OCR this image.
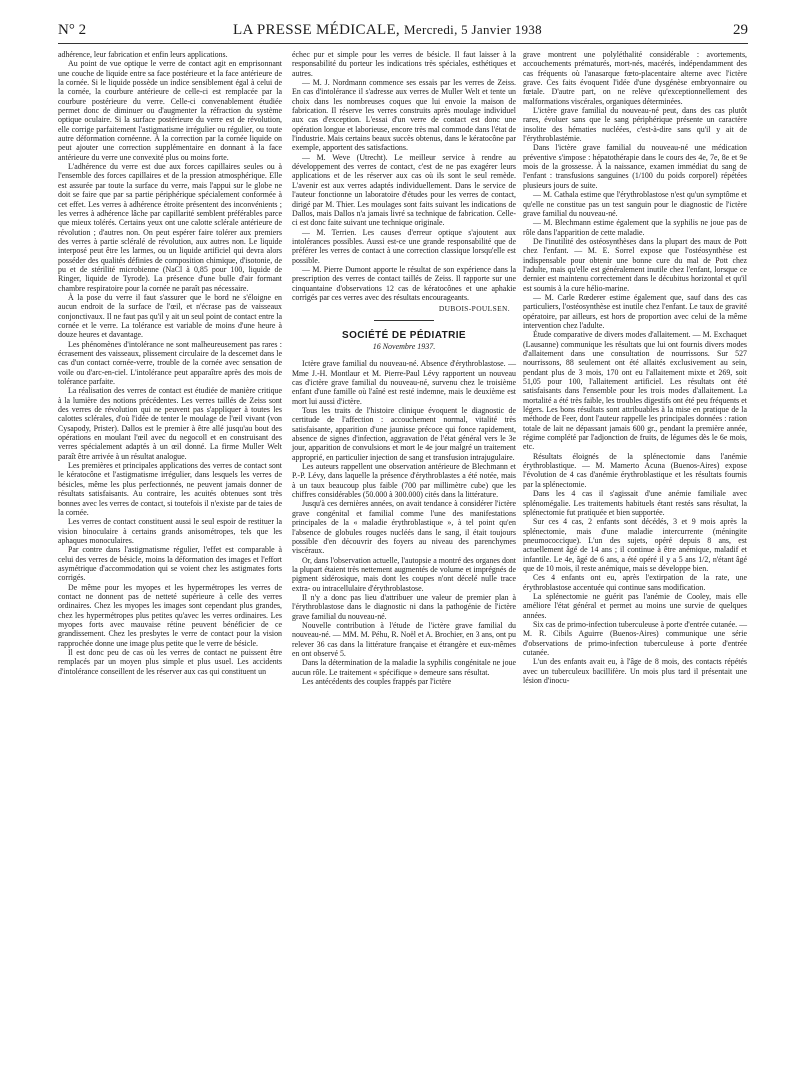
N° 2	LA PRESSE MÉDICALE, Mercredi, 5 Janvier 1938	29

adhérence, leur fabrication et enfin leurs applications.

Au point de vue optique le verre de contact agit en emprisonnant une couche de liquide entre sa face postérieure et la face antérieure de la cornée. Si le liquide possède un indice sensiblement égal à celui de la cornée, la courbure antérieure de celle-ci est remplacée par la courbure postérieure du verre. Celle-ci convenablement étudiée permet donc de diminuer ou d'augmenter la réfraction du système optique oculaire. Si la surface postérieure du verre est de révolution, elle corrige parfaitement l'astigmatisme irrégulier ou régulier, ou toute autre déformation cornéenne. À la correction par la cornée liquide on peut ajouter une correction supplémentaire en donnant à la face antérieure du verre une convexité plus ou moins forte.

L'adhérence du verre est due aux forces capillaires seules ou à l'ensemble des forces capillaires et de la pression atmosphérique. Elle est assurée par toute la surface du verre, mais l'appui sur le globe ne doit se faire que par sa partie périphérique spécialement conformée à cet effet. Les verres à adhérence étroite présentent des inconvénients ; les verres à adhérence lâche par capillarité semblent préférables parce que mieux tolérés. Certains yeux ont une calotte sclérale antérieure de révolution ; d'autres non. On peut espérer faire tolérer aux premiers des verres à partie scléralé de révolution, aux autres non. Le liquide interposé peut être les larmes, ou un liquide artificiel qui devra alors posséder des qualités définies de composition chimique, d'isotonie, de pu et de stérilité microbienne (NaCl à 0,85 pour 100, liquide de Ringer, liquide de Tyrode). La présence d'une bulle d'air formant chambre respiratoire pour la cornée ne paraît pas nécessaire.

À la pose du verre il faut s'assurer que le bord ne s'éloigne en aucun endroit de la surface de l'œil, et n'écrase pas de vaisseaux conjonctivaux. Il ne faut pas qu'il y ait un seul point de contact entre la cornée et le verre. La tolérance est variable de moins d'une heure à douze heures et davantage.

Les phénomènes d'intolérance ne sont malheureusement pas rares : écrasement des vaisseaux, plissement circulaire de la descemet dans le cas d'un contact cornée-verre, trouble de la cornée avec sensation de voile ou d'arc-en-ciel. L'intolérance peut apparaître après des mois de tolérance parfaite.

La réalisation des verres de contact est étudiée de manière critique à la lumière des notions précédentes. Les verres taillés de Zeiss sont des verres de révolution qui ne peuvent pas s'appliquer à toutes les calottes sclérales, d'où l'idée de tenter le moulage de l'œil vivant (von Cysapody, Prister). Dallos est le premier à être allé jusqu'au bout des opérations en moulant l'œil avec du negocoll et en construisant des verres spécialement adaptés à un œil donné. La firme Muller Welt paraît être arrivée à un résultat analogue.

Les premières et principales applications des verres de contact sont le kératocône et l'astigmatisme irrégulier, dans lesquels les verres de bésicles, même les plus perfectionnés, ne peuvent jamais donner de résultats satisfaisants. Au contraire, les acuités obtenues sont très bonnes avec les verres de contact, si toutefois il n'existe par de taies de la cornée.

Les verres de contact constituent aussi le seul espoir de restituer la vision binoculaire à certains grands anisométropes, tels que les aphaques monoculaires.

Par contre dans l'astigmatisme régulier, l'effet est comparable à celui des verres de bésicle, moins la déformation des images et l'effort asymétrique d'accommodation qui se voient chez les astigmates forts corrigés.

De même pour les myopes et les hypermétropes les verres de contact ne donnent pas de netteté supérieure à celle des verres ordinaires. Chez les myopes les images sont cependant plus grandes, chez les hypermétropes plus petites qu'avec les verres ordinaires. Les myopes forts avec mauvaise rétine peuvent bénéficier de ce grandissement. Chez les presbytes le verre de contact pour la vision rapprochée donne une image plus petite que le verre de bésicle.

Il est donc peu de cas où les verres de contact ne puissent être remplacés par un moyen plus simple et plus usuel. Les accidents d'intolérance conseillent de les réserver aux cas qui constituent un

échec pur et simple pour les verres de bésicle. Il faut laisser à la responsabilité du porteur les indications très spéciales, esthétiques et autres.

— M. J. Nordmann commence ses essais par les verres de Zeiss. En cas d'intolérance il s'adresse aux verres de Muller Welt et tente un choix dans les nombreuses coques que lui envoie la maison de fabrication. Il réserve les verres construits après moulage individuel aux cas d'exception. L'essai d'un verre de contact est donc une opération longue et laborieuse, encore très mal commode dans l'état de l'industrie. Mais certains beaux succès obtenus, dans le kératocône par exemple, apportent des satisfactions.

— M. Weve (Utrecht). Le meilleur service à rendre au développement des verres de contact, c'est de ne pas exagérer leurs applications et de les réserver aux cas où ils sont le seul remède. L'avenir est aux verres adaptés individuellement. Dans le service de l'auteur fonctionne un laboratoire d'études pour les verres de contact, dirigé par M. Thier. Les moulages sont faits suivant les indications de Dallos, mais Dallos n'a jamais livré sa technique de fabrication. Celle-ci est donc faite suivant une technique originale.

— M. Terrien. Les causes d'erreur optique s'ajoutent aux intolérances possibles. Aussi est-ce une grande responsabilité que de préférer les verres de contact à une correction classique lorsqu'elle est possible.

— M. Pierre Dumont apporte le résultat de son expérience dans la prescription des verres de contact taillés de Zeiss. Il rapporte sur une cinquantaine d'observations 12 cas de kératocônes et une aphakie corrigés par ces verres avec des résultats encourageants.

DUBOIS-POULSEN.
SOCIÉTÉ DE PÉDIATRIE
16 Novembre 1937.

Ictère grave familial du nouveau-né. Absence d'érythroblastose. — Mme J.-H. Montlaur et M. Pierre-Paul Lévy rapportent un nouveau cas d'ictère grave familial du nouveau-né, survenu chez le troisième enfant d'une famille où l'aîné est resté indemne, mais le deuxième est mort lui aussi d'ictère.

Tous les traits de l'histoire clinique évoquent le diagnostic de certitude de l'affection : accouchement normal, vitalité très satisfaisante, apparition d'une jaunisse précoce qui fonce rapidement, absence de signes d'infection, aggravation de l'état général vers le 3e jour, apparition de convulsions et mort le 4e jour malgré un traitement approprié, en particulier injection de sang et transfusion intrajugulaire.

Les auteurs rappellent une observation antérieure de Blechmann et P.-P. Lévy, dans laquelle la présence d'érythroblastes a été notée, mais à un taux beaucoup plus faible (700 par millimètre cube) que les chiffres considérables (50.000 à 300.000) cités dans la littérature.

Jusqu'à ces dernières années, on avait tendance à considérer l'ictère grave congénital et familial comme l'une des manifestations principales de la « maladie érythroblastique », à tel point qu'en l'absence de globules rouges nucléés dans le sang, il était toujours possible d'en découvrir des foyers au niveau des parenchymes viscéraux.

Or, dans l'observation actuelle, l'autopsie a montré des organes dont la plupart étaient très nettement augmentés de volume et imprégnés de pigment sidérosique, mais dont les coupes n'ont décelé nulle trace extra- ou intracellulaire d'érythroblastose.

Il n'y a donc pas lieu d'attribuer une valeur de premier plan à l'érythroblastose dans le diagnostic ni dans la pathogénie de l'ictère grave familial du nouveau-né.

Nouvelle contribution à l'étude de l'ictère grave familial du nouveau-né. — MM. M. Péhu, R. Noël et A. Brochier, en 3 ans, ont pu relever 36 cas dans la littérature française et étrangère et eux-mêmes en ont observé 5.

Dans la détermination de la maladie la syphilis congénitale ne joue aucun rôle. Le traitement « spécifique » demeure sans résultat.

Les antécédents des couples frappés par l'ictère

grave montrent une polyléthalité considérable : avortements, accouchements prématurés, mort-nés, macérés, indépendamment des cas fréquents où l'anasarque fœto-placentaire alterne avec l'ictère grave. Ces faits évoquent l'idée d'une dysgénèse embryonnaire ou fœtale. D'autre part, on ne relève qu'exceptionnellement des malformations viscérales, organiques déterminées.

L'ictère grave familial du nouveau-né peut, dans des cas plutôt rares, évoluer sans que le sang périphérique présente un caractère insolite des hématies nucléées, c'est-à-dire sans qu'il y ait de l'érythroblastémie.

Dans l'ictère grave familial du nouveau-né une médication préventive s'impose : hépatothérapie dans le cours des 4e, 7e, 8e et 9e mois de la grossesse. À la naissance, examen immédiat du sang de l'enfant : transfusions sanguines (1/100 du poids corporel) répétées plusieurs jours de suite.

— M. Cathala estime que l'érythroblastose n'est qu'un symptôme et qu'elle ne constitue pas un test sanguin pour le diagnostic de l'ictère grave familial du nouveau-né.

— M. Blechmann estime également que la syphilis ne joue pas de rôle dans l'apparition de cette maladie.

De l'inutilité des ostéosynthèses dans la plupart des maux de Pott chez l'enfant. — M. E. Sorrel expose que l'ostéosynthèse est indispensable pour obtenir une bonne cure du mal de Pott chez l'adulte, mais qu'elle est généralement inutile chez l'enfant, lorsque ce dernier est maintenu correctement dans le décubitus horizontal et qu'il est soumis à la cure hélio-marine.

— M. Carle Rœderer estime également que, sauf dans des cas particuliers, l'ostéosynthèse est inutile chez l'enfant. Le taux de gravité opératoire, par ailleurs, est hors de proportion avec celui de la même intervention chez l'adulte.

Étude comparative de divers modes d'allaitement. — M. Exchaquet (Lausanne) communique les résultats que lui ont fournis divers modes d'allaitement dans une consultation de nourrissons. Sur 527 nourrissons, 88 seulement ont été allaités exclusivement au sein, pendant plus de 3 mois, 170 ont eu l'allaitement mixte et 269, soit 51,05 pour 100, l'allaitement artificiel. Les résultats ont été satisfaisants dans l'ensemble pour les trois modes d'allaitement. La mortalité a été très faible, les troubles digestifs ont été peu fréquents et légers. Les bons résultats sont attribuables à la mise en pratique de la méthode de Feer, dont l'auteur rappelle les principales données : ration totale de lait ne dépassant jamais 600 gr., pendant la première année, régime complété par l'adjonction de fruits, de légumes dès le 6e mois, etc.

Résultats éloignés de la splénectomie dans l'anémie érythroblastique. — M. Mamerto Acuna (Buenos-Aires) expose l'évolution de 4 cas d'anémie érythroblastique et les résultats fournis par la splénectomie.

Dans les 4 cas il s'agissait d'une anémie familiale avec splénomégalie. Les traitements habituels étant restés sans résultat, la splénectomie fut pratiquée et bien supportée.

Sur ces 4 cas, 2 enfants sont décédés, 3 et 9 mois après la splénectomie, mais d'une maladie intercurrente (méningite pneumococcique). L'un des sujets, opéré depuis 8 ans, est actuellement âgé de 14 ans ; il continue à être anémique, maladif et infantile. Le 4e, âgé de 6 ans, a été opéré il y a 5 ans 1/2, n'étant âgé que de 10 mois, il reste anémique, mais se développe bien.

Ces 4 enfants ont eu, après l'extirpation de la rate, une érythroblastose accentuée qui continue sans modification.

La splénectomie ne guérit pas l'anémie de Cooley, mais elle améliore l'état général et permet au moins une survie de quelques années.

Six cas de primo-infection tuberculeuse à porte d'entrée cutanée. — M. R. Cibils Aguirre (Buenos-Aires) communique une série d'observations de primo-infection tuberculeuse à porte d'entrée cutanée.

L'un des enfants avait eu, à l'âge de 8 mois, des contacts répétés avec un tuberculeux bacillifère. Un mois plus tard il présentait une lésion d'inocu-
